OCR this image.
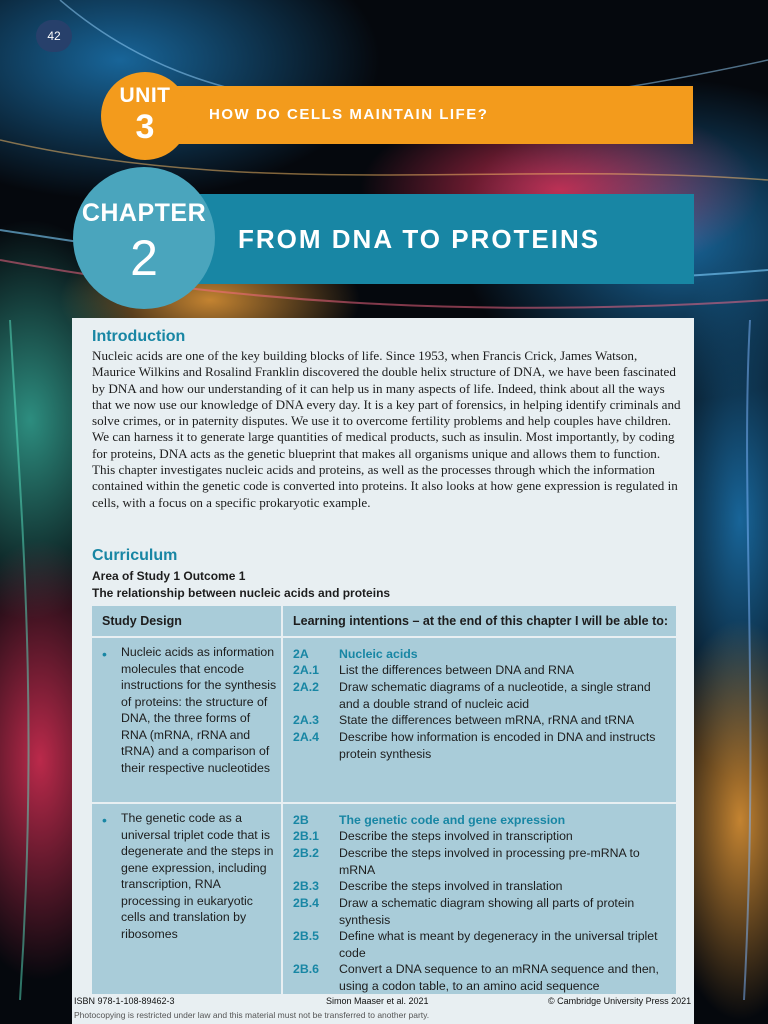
42
HOW DO CELLS MAINTAIN LIFE?
UNIT
3
FROM DNA TO PROTEINS
CHAPTER
2
Introduction

Nucleic acids are one of the key building blocks of life. Since 1953, when Francis Crick, James Watson, Maurice Wilkins and Rosalind Franklin discovered the double helix structure of DNA, we have been fascinated by DNA and how our understanding of it can help us in many aspects of life. Indeed, think about all the ways that we now use our knowledge of DNA every day. It is a key part of forensics, in helping identify criminals and solve crimes, or in paternity disputes. We use it to overcome fertility problems and help couples have children. We can harness it to generate large quantities of medical products, such as insulin. Most importantly, by coding for proteins, DNA acts as the genetic blueprint that makes all organisms unique and allows them to function. This chapter investigates nucleic acids and proteins, as well as the processes through which the information contained within the genetic code is converted into proteins. It also looks at how gene expression is regulated in cells, with a focus on a specific prokaryotic example.

Curriculum
Area of Study 1 Outcome 1
The relationship between nucleic acids and proteins
Study Design	Learning intentions – at the end of this chapter I will be able to:
• Nucleic acids as information molecules that encode instructions for the synthesis of proteins: the structure of DNA, the three forms of RNA (mRNA, rRNA and tRNA) and a comparison of their respective nucleotides

2A	Nucleic acids
2A.1	List the differences between DNA and RNA
2A.2	Draw schematic diagrams of a nucleotide, a single strand and a double strand of nucleic acid
2A.3	State the differences between mRNA, rRNA and tRNA
2A.4	Describe how information is encoded in DNA and instructs protein synthesis
• The genetic code as a universal triplet code that is degenerate and the steps in gene expression, including transcription, RNA processing in eukaryotic cells and translation by ribosomes

2B	The genetic code and gene expression
2B.1	Describe the steps involved in transcription
2B.2	Describe the steps involved in processing pre-mRNA to mRNA
2B.3	Describe the steps involved in translation
2B.4	Draw a schematic diagram showing all parts of protein synthesis
2B.5	Define what is meant by degeneracy in the universal triplet code
2B.6	Convert a DNA sequence to an mRNA sequence and then, using a codon table, to an amino acid sequence
ISBN 978-1-108-89462-3	Simon Maaser et al. 2021	© Cambridge University Press 2021
Photocopying is restricted under law and this material must not be transferred to another party.
